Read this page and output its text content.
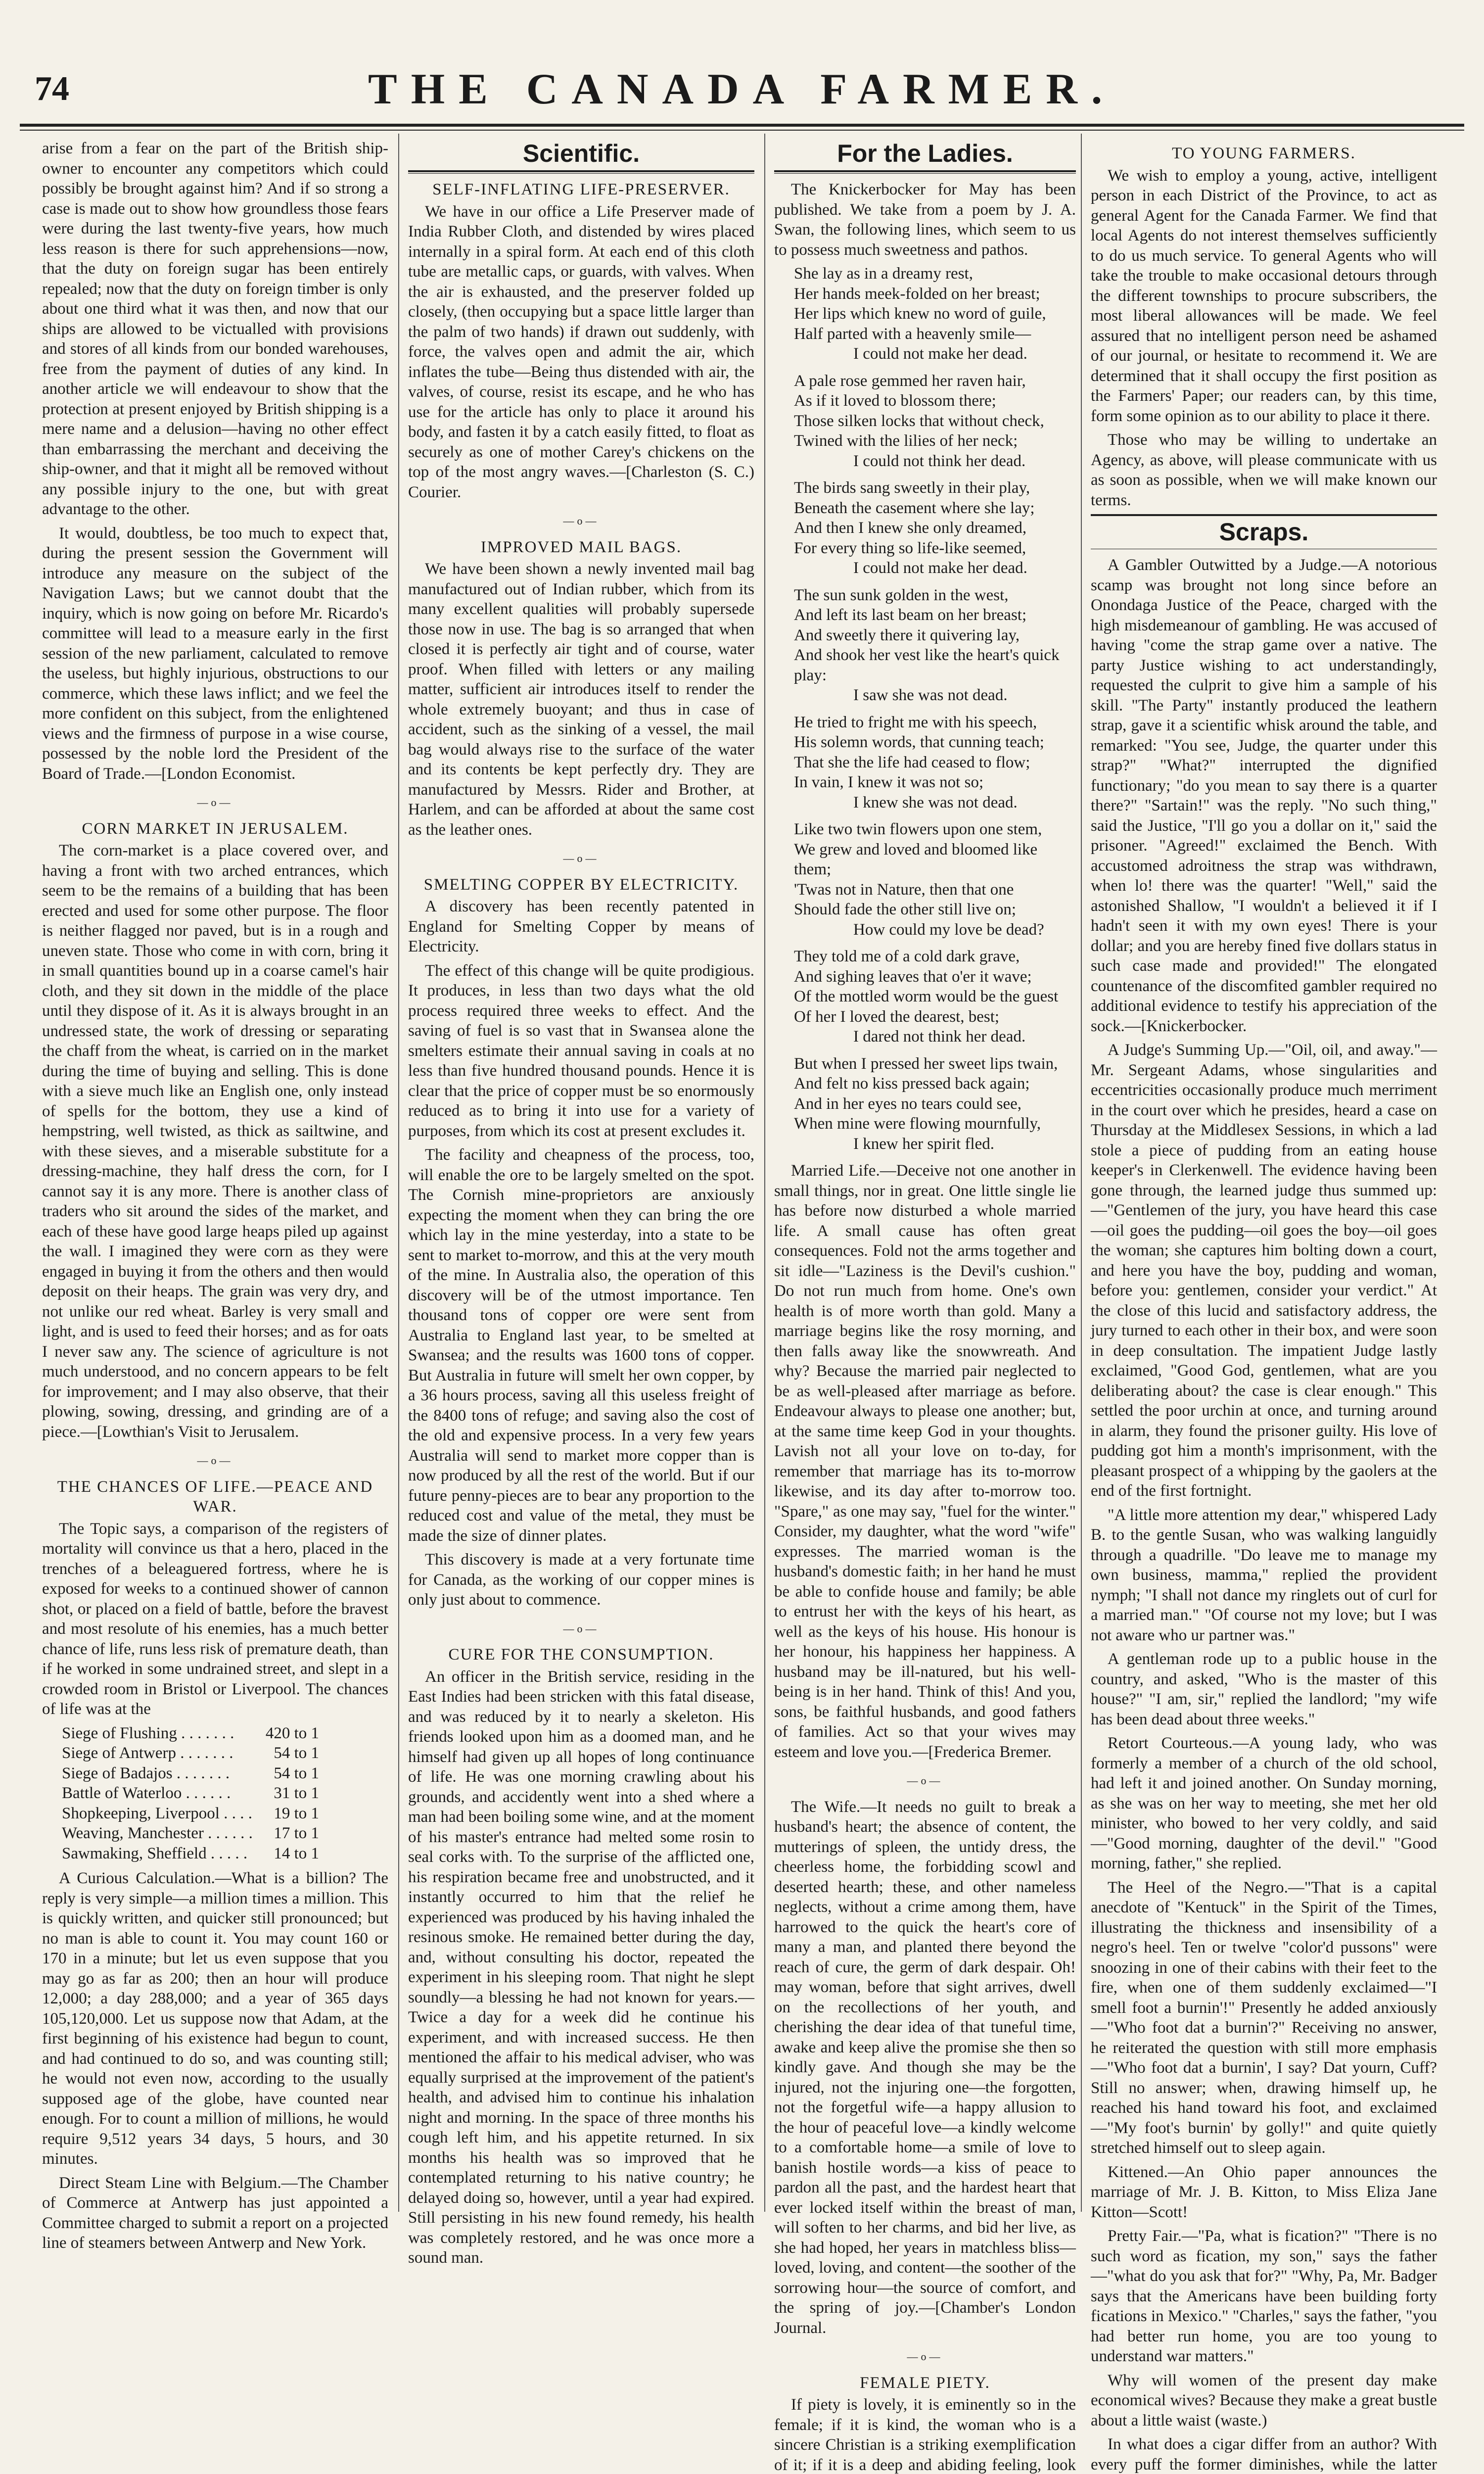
74	THE CANADA FARMER.

arise from a fear on the part of the British ship-owner to encounter any competitors which could possibly be brought against him? And if so strong a case is made out to show how groundless those fears were during the last twenty-five years, how much less reason is there for such apprehensions—now, that the duty on foreign sugar has been entirely repealed; now that the duty on foreign timber is only about one third what it was then, and now that our ships are allowed to be victualled with provisions and stores of all kinds from our bonded warehouses, free from the payment of duties of any kind. In another article we will endeavour to show that the protection at present enjoyed by British shipping is a mere name and a delusion—having no other effect than embarrassing the merchant and deceiving the ship-owner, and that it might all be removed without any possible injury to the one, but with great advantage to the other.

It would, doubtless, be too much to expect that, during the present session the Government will introduce any measure on the subject of the Navigation Laws; but we cannot doubt that the inquiry, which is now going on before Mr. Ricardo's committee will lead to a measure early in the first session of the new parliament, calculated to remove the useless, but highly injurious, obstructions to our commerce, which these laws inflict; and we feel the more confident on this subject, from the enlightened views and the firmness of purpose in a wise course, possessed by the noble lord the President of the Board of Trade.—[London Economist.

—o—
CORN MARKET IN JERUSALEM.

The corn-market is a place covered over, and having a front with two arched entrances, which seem to be the remains of a building that has been erected and used for some other purpose. The floor is neither flagged nor paved, but is in a rough and uneven state. Those who come in with corn, bring it in small quantities bound up in a coarse camel's hair cloth, and they sit down in the middle of the place until they dispose of it. As it is always brought in an undressed state, the work of dressing or separating the chaff from the wheat, is carried on in the market during the time of buying and selling. This is done with a sieve much like an English one, only instead of spells for the bottom, they use a kind of hempstring, well twisted, as thick as sailtwine, and with these sieves, and a miserable substitute for a dressing-machine, they half dress the corn, for I cannot say it is any more. There is another class of traders who sit around the sides of the market, and each of these have good large heaps piled up against the wall. I imagined they were corn as they were engaged in buying it from the others and then would deposit on their heaps. The grain was very dry, and not unlike our red wheat. Barley is very small and light, and is used to feed their horses; and as for oats I never saw any. The science of agriculture is not much understood, and no concern appears to be felt for improvement; and I may also observe, that their plowing, sowing, dressing, and grinding are of a piece.—[Lowthian's Visit to Jerusalem.

—o—
THE CHANCES OF LIFE.—PEACE AND WAR.

The Topic says, a comparison of the registers of mortality will convince us that a hero, placed in the trenches of a beleaguered fortress, where he is exposed for weeks to a continued shower of cannon shot, or placed on a field of battle, before the bravest and most resolute of his enemies, has a much better chance of life, runs less risk of premature death, than if he worked in some undrained street, and slept in a crowded room in Bristol or Liverpool. The chances of life was at the

Siege of Flushing . . . . . . . 420 to 1
Siege of Antwerp . . . . . . . 54 to 1
Siege of Badajos . . . . . . .	54 to 1
Battle of Waterloo . . . . . .	31 to 1
Shopkeeping, Liverpool . . . . 19 to 1
Weaving, Manchester . . . . . . 17 to 1
Sawmaking, Sheffield . . . . . 14 to 1

A Curious Calculation.—What is a billion? The reply is very simple—a million times a million. This is quickly written, and quicker still pronounced; but no man is able to count it. You may count 160 or 170 in a minute; but let us even suppose that you may go as far as 200; then an hour will produce 12,000; a day 288,000; and a year of 365 days 105,120,000. Let us suppose now that Adam, at the first beginning of his existence had begun to count, and had continued to do so, and was counting still; he would not even now, according to the usually supposed age of the globe, have counted near enough. For to count a million of millions, he would require 9,512 years 34 days, 5 hours, and 30 minutes.

Direct Steam Line with Belgium.—The Chamber of Commerce at Antwerp has just appointed a Committee charged to submit a report on a projected line of steamers between Antwerp and New York.

Scientific.
SELF-INFLATING LIFE-PRESERVER.

We have in our office a Life Preserver made of India Rubber Cloth, and distended by wires placed internally in a spiral form. At each end of this cloth tube are metallic caps, or guards, with valves. When the air is exhausted, and the preserver folded up closely, (then occupying but a space little larger than the palm of two hands) if drawn out suddenly, with force, the valves open and admit the air, which inflates the tube—Being thus distended with air, the valves, of course, resist its escape, and he who has use for the article has only to place it around his body, and fasten it by a catch easily fitted, to float as securely as one of mother Carey's chickens on the top of the most angry waves.—[Charleston (S. C.) Courier.

—o—
IMPROVED MAIL BAGS.

We have been shown a newly invented mail bag manufactured out of Indian rubber, which from its many excellent qualities will probably supersede those now in use. The bag is so arranged that when closed it is perfectly air tight and of course, water proof. When filled with letters or any mailing matter, sufficient air introduces itself to render the whole extremely buoyant; and thus in case of accident, such as the sinking of a vessel, the mail bag would always rise to the surface of the water and its contents be kept perfectly dry. They are manufactured by Messrs. Rider and Brother, at Harlem, and can be afforded at about the same cost as the leather ones.

—o—
SMELTING COPPER BY ELECTRICITY.

A discovery has been recently patented in England for Smelting Copper by means of Electricity.

The effect of this change will be quite prodigious. It produces, in less than two days what the old process required three weeks to effect. And the saving of fuel is so vast that in Swansea alone the smelters estimate their annual saving in coals at no less than five hundred thousand pounds. Hence it is clear that the price of copper must be so enormously reduced as to bring it into use for a variety of purposes, from which its cost at present excludes it.

The facility and cheapness of the process, too, will enable the ore to be largely smelted on the spot. The Cornish mine-proprietors are anxiously expecting the moment when they can bring the ore which lay in the mine yesterday, into a state to be sent to market to-morrow, and this at the very mouth of the mine. In Australia also, the operation of this discovery will be of the utmost importance. Ten thousand tons of copper ore were sent from Australia to England last year, to be smelted at Swansea; and the results was 1600 tons of copper. But Australia in future will smelt her own copper, by a 36 hours process, saving all this useless freight of the 8400 tons of refuge; and saving also the cost of the old and expensive process. In a very few years Australia will send to market more copper than is now produced by all the rest of the world. But if our future penny-pieces are to bear any proportion to the reduced cost and value of the metal, they must be made the size of dinner plates.

This discovery is made at a very fortunate time for Canada, as the working of our copper mines is only just about to commence.

—o—
CURE FOR THE CONSUMPTION.

An officer in the British service, residing in the East Indies had been stricken with this fatal disease, and was reduced by it to nearly a skeleton. His friends looked upon him as a doomed man, and he himself had given up all hopes of long continuance of life. He was one morning crawling about his grounds, and accidently went into a shed where a man had been boiling some wine, and at the moment of his master's entrance had melted some rosin to seal corks with. To the surprise of the afflicted one, his respiration became free and unobstructed, and it instantly occurred to him that the relief he experienced was produced by his having inhaled the resinous smoke. He remained better during the day, and, without consulting his doctor, repeated the experiment in his sleeping room. That night he slept soundly—a blessing he had not known for years.—Twice a day for a week did he continue his experiment, and with increased success. He then mentioned the affair to his medical adviser, who was equally surprised at the improvement of the patient's health, and advised him to continue his inhalation night and morning. In the space of three months his cough left him, and his appetite returned. In six months his health was so improved that he contemplated returning to his native country; he delayed doing so, however, until a year had expired. Still persisting in his new found remedy, his health was completely restored, and he was once more a sound man.

For the Ladies.

The Knickerbocker for May has been published. We take from a poem by J. A. Swan, the following lines, which seem to us to possess much sweetness and pathos.

She lay as in a dreamy rest,
Her hands meek-folded on her breast;
Her lips which knew no word of guile,
Half parted with a heavenly smile—
I could not make her dead.
A pale rose gemmed her raven hair,
As if it loved to blossom there;
Those silken locks that without check,
Twined with the lilies of her neck;
I could not think her dead.
The birds sang sweetly in their play,
Beneath the casement where she lay;
And then I knew she only dreamed,
For every thing so life-like seemed,
I could not make her dead.
The sun sunk golden in the west,
And left its last beam on her breast;
And sweetly there it quivering lay,
And shook her vest like the heart's quick play:
I saw she was not dead.
He tried to fright me with his speech,
His solemn words, that cunning teach;
That she the life had ceased to flow;
In vain, I knew it was not so;
I knew she was not dead.
Like two twin flowers upon one stem,
We grew and loved and bloomed like them;
'Twas not in Nature, then that one
Should fade the other still live on;
How could my love be dead?
They told me of a cold dark grave,
And sighing leaves that o'er it wave;
Of the mottled worm would be the guest
Of her I loved the dearest, best;
I dared not think her dead.
But when I pressed her sweet lips twain,
And felt no kiss pressed back again;
And in her eyes no tears could see,
When mine were flowing mournfully,
I knew her spirit fled.

Married Life.—Deceive not one another in small things, nor in great. One little single lie has before now disturbed a whole married life. A small cause has often great consequences. Fold not the arms together and sit idle—"Laziness is the Devil's cushion." Do not run much from home. One's own health is of more worth than gold. Many a marriage begins like the rosy morning, and then falls away like the snowwreath. And why? Because the married pair neglected to be as well-pleased after marriage as before. Endeavour always to please one another; but, at the same time keep God in your thoughts. Lavish not all your love on to-day, for remember that marriage has its to-morrow likewise, and its day after to-morrow too. "Spare," as one may say, "fuel for the winter." Consider, my daughter, what the word "wife" expresses. The married woman is the husband's domestic faith; in her hand he must be able to confide house and family; be able to entrust her with the keys of his heart, as well as the keys of his house. His honour is her honour, his happiness her happiness. A husband may be ill-natured, but his well-being is in her hand. Think of this! And you, sons, be faithful husbands, and good fathers of families. Act so that your wives may esteem and love you.—[Frederica Bremer.

—o—

The Wife.—It needs no guilt to break a husband's heart; the absence of content, the mutterings of spleen, the untidy dress, the cheerless home, the forbidding scowl and deserted hearth; these, and other nameless neglects, without a crime among them, have harrowed to the quick the heart's core of many a man, and planted there beyond the reach of cure, the germ of dark despair. Oh! may woman, before that sight arrives, dwell on the recollections of her youth, and cherishing the dear idea of that tuneful time, awake and keep alive the promise she then so kindly gave. And though she may be the injured, not the injuring one—the forgotten, not the forgetful wife—a happy allusion to the hour of peaceful love—a kindly welcome to a comfortable home—a smile of love to banish hostile words—a kiss of peace to pardon all the past, and the hardest heart that ever locked itself within the breast of man, will soften to her charms, and bid her live, as she had hoped, her years in matchless bliss—loved, loving, and content—the soother of the sorrowing hour—the source of comfort, and the spring of joy.—[Chamber's London Journal.

—o—
FEMALE PIETY.

If piety is lovely, it is eminently so in the female; if it is kind, the woman who is a sincere Christian is a striking exemplification of it; if it is a deep and abiding feeling, look

TO YOUNG FARMERS.

We wish to employ a young, active, intelligent person in each District of the Province, to act as general Agent for the Canada Farmer. We find that local Agents do not interest themselves sufficiently to do us much service. To general Agents who will take the trouble to make occasional detours through the different townships to procure subscribers, the most liberal allowances will be made. We feel assured that no intelligent person need be ashamed of our journal, or hesitate to recommend it. We are determined that it shall occupy the first position as the Farmers' Paper; our readers can, by this time, form some opinion as to our ability to place it there.

Those who may be willing to undertake an Agency, as above, will please communicate with us as soon as possible, when we will make known our terms.

Scraps.

A Gambler Outwitted by a Judge.—A notorious scamp was brought not long since before an Onondaga Justice of the Peace, charged with the high misdemeanour of gambling. He was accused of having "come the strap game over a native. The party Justice wishing to act understandingly, requested the culprit to give him a sample of his skill. "The Party" instantly produced the leathern strap, gave it a scientific whisk around the table, and remarked: "You see, Judge, the quarter under this strap?" "What?" interrupted the dignified functionary; "do you mean to say there is a quarter there?" "Sartain!" was the reply. "No such thing," said the Justice, "I'll go you a dollar on it," said the prisoner. "Agreed!" exclaimed the Bench. With accustomed adroitness the strap was withdrawn, when lo! there was the quarter! "Well," said the astonished Shallow, "I wouldn't a believed it if I hadn't seen it with my own eyes! There is your dollar; and you are hereby fined five dollars status in such case made and provided!" The elongated countenance of the discomfited gambler required no additional evidence to testify his appreciation of the sock.—[Knickerbocker.

A Judge's Summing Up.—"Oil, oil, and away."—Mr. Sergeant Adams, whose singularities and eccentricities occasionally produce much merriment in the court over which he presides, heard a case on Thursday at the Middlesex Sessions, in which a lad stole a piece of pudding from an eating house keeper's in Clerkenwell. The evidence having been gone through, the learned judge thus summed up:—"Gentlemen of the jury, you have heard this case—oil goes the pudding—oil goes the boy—oil goes the woman; she captures him bolting down a court, and here you have the boy, pudding and woman, before you: gentlemen, consider your verdict." At the close of this lucid and satisfactory address, the jury turned to each other in their box, and were soon in deep consultation. The impatient Judge lastly exclaimed, "Good God, gentlemen, what are you deliberating about? the case is clear enough." This settled the poor urchin at once, and turning around in alarm, they found the prisoner guilty. His love of pudding got him a month's imprisonment, with the pleasant prospect of a whipping by the gaolers at the end of the first fortnight.

"A little more attention my dear," whispered Lady B. to the gentle Susan, who was walking languidly through a quadrille. "Do leave me to manage my own business, mamma," replied the provident nymph; "I shall not dance my ringlets out of curl for a married man." "Of course not my love; but I was not aware who ur partner was."

A gentleman rode up to a public house in the country, and asked, "Who is the master of this house?" "I am, sir," replied the landlord; "my wife has been dead about three weeks."

Retort Courteous.—A young lady, who was formerly a member of a church of the old school, had left it and joined another. On Sunday morning, as she was on her way to meeting, she met her old minister, who bowed to her very coldly, and said—"Good morning, daughter of the devil." "Good morning, father," she replied.

The Heel of the Negro.—"That is a capital anecdote of "Kentuck" in the Spirit of the Times, illustrating the thickness and insensibility of a negro's heel. Ten or twelve "color'd pussons" were snoozing in one of their cabins with their feet to the fire, when one of them suddenly exclaimed—"I smell foot a burnin'!" Presently he added anxiously—"Who foot dat a burnin'?" Receiving no answer, he reiterated the question with still more emphasis—"Who foot dat a burnin', I say? Dat yourn, Cuff? Still no answer; when, drawing himself up, he reached his hand toward his foot, and exclaimed—"My foot's burnin' by golly!" and quite quietly stretched himself out to sleep again.

Kittened.—An Ohio paper announces the marriage of Mr. J. B. Kitton, to Miss Eliza Jane Kitton—Scott!

Pretty Fair.—"Pa, what is fication?" "There is no such word as fication, my son," says the father—"what do you ask that for?" "Why, Pa, Mr. Badger says that the Americans have been building forty fications in Mexico." "Charles," says the father, "you had better run home, you are too young to understand war matters."

Why will women of the present day make economical wives? Because they make a great bustle about a little waist (waste.)

In what does a cigar differ from an author? With every puff the former diminishes, while the latter
